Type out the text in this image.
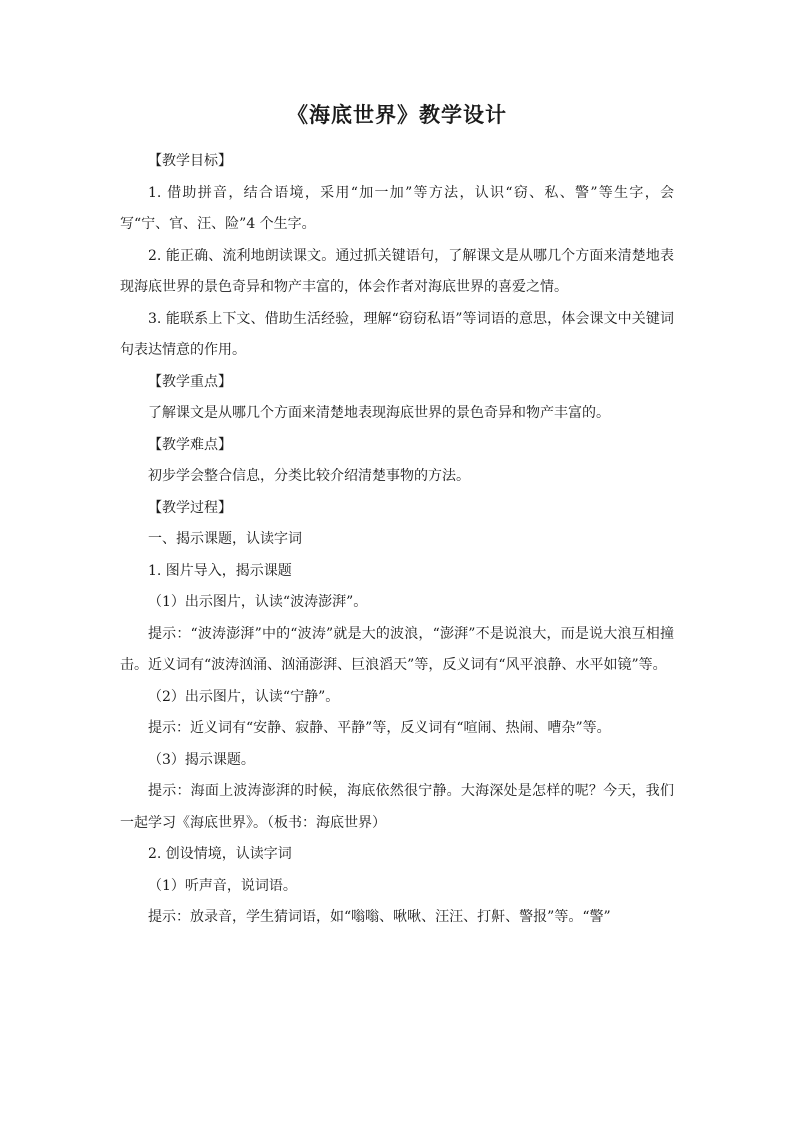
《海底世界》教学设计

【教学目标】

1. 借助拼音，结合语境，采用“加一加”等方法，认识“窃、私、警”等生字，会写“宁、官、汪、险”4 个生字。

2. 能正确、流利地朗读课文。通过抓关键语句，了解课文是从哪几个方面来清楚地表现海底世界的景色奇异和物产丰富的，体会作者对海底世界的喜爱之情。

3. 能联系上下文、借助生活经验，理解“窃窃私语”等词语的意思，体会课文中关键词句表达情意的作用。

【教学重点】

了解课文是从哪几个方面来清楚地表现海底世界的景色奇异和物产丰富的。

【教学难点】

初步学会整合信息，分类比较介绍清楚事物的方法。

【教学过程】

一、揭示课题，认读字词

1. 图片导入，揭示课题

（1）出示图片，认读“波涛澎湃”。

提示：“波涛澎湃”中的“波涛”就是大的波浪，“澎湃”不是说浪大，而是说大浪互相撞击。近义词有“波涛汹涌、汹涌澎湃、巨浪滔天”等，反义词有“风平浪静、水平如镜”等。

（2）出示图片，认读“宁静”。

提示：近义词有“安静、寂静、平静”等，反义词有“喧闹、热闹、嘈杂”等。

（3）揭示课题。

提示：海面上波涛澎湃的时候，海底依然很宁静。大海深处是怎样的呢？今天，我们一起学习《海底世界》。（板书：海底世界）

2. 创设情境，认读字词

（1）听声音，说词语。

提示：放录音，学生猜词语，如“嗡嗡、啾啾、汪汪、打鼾、警报”等。“警”
